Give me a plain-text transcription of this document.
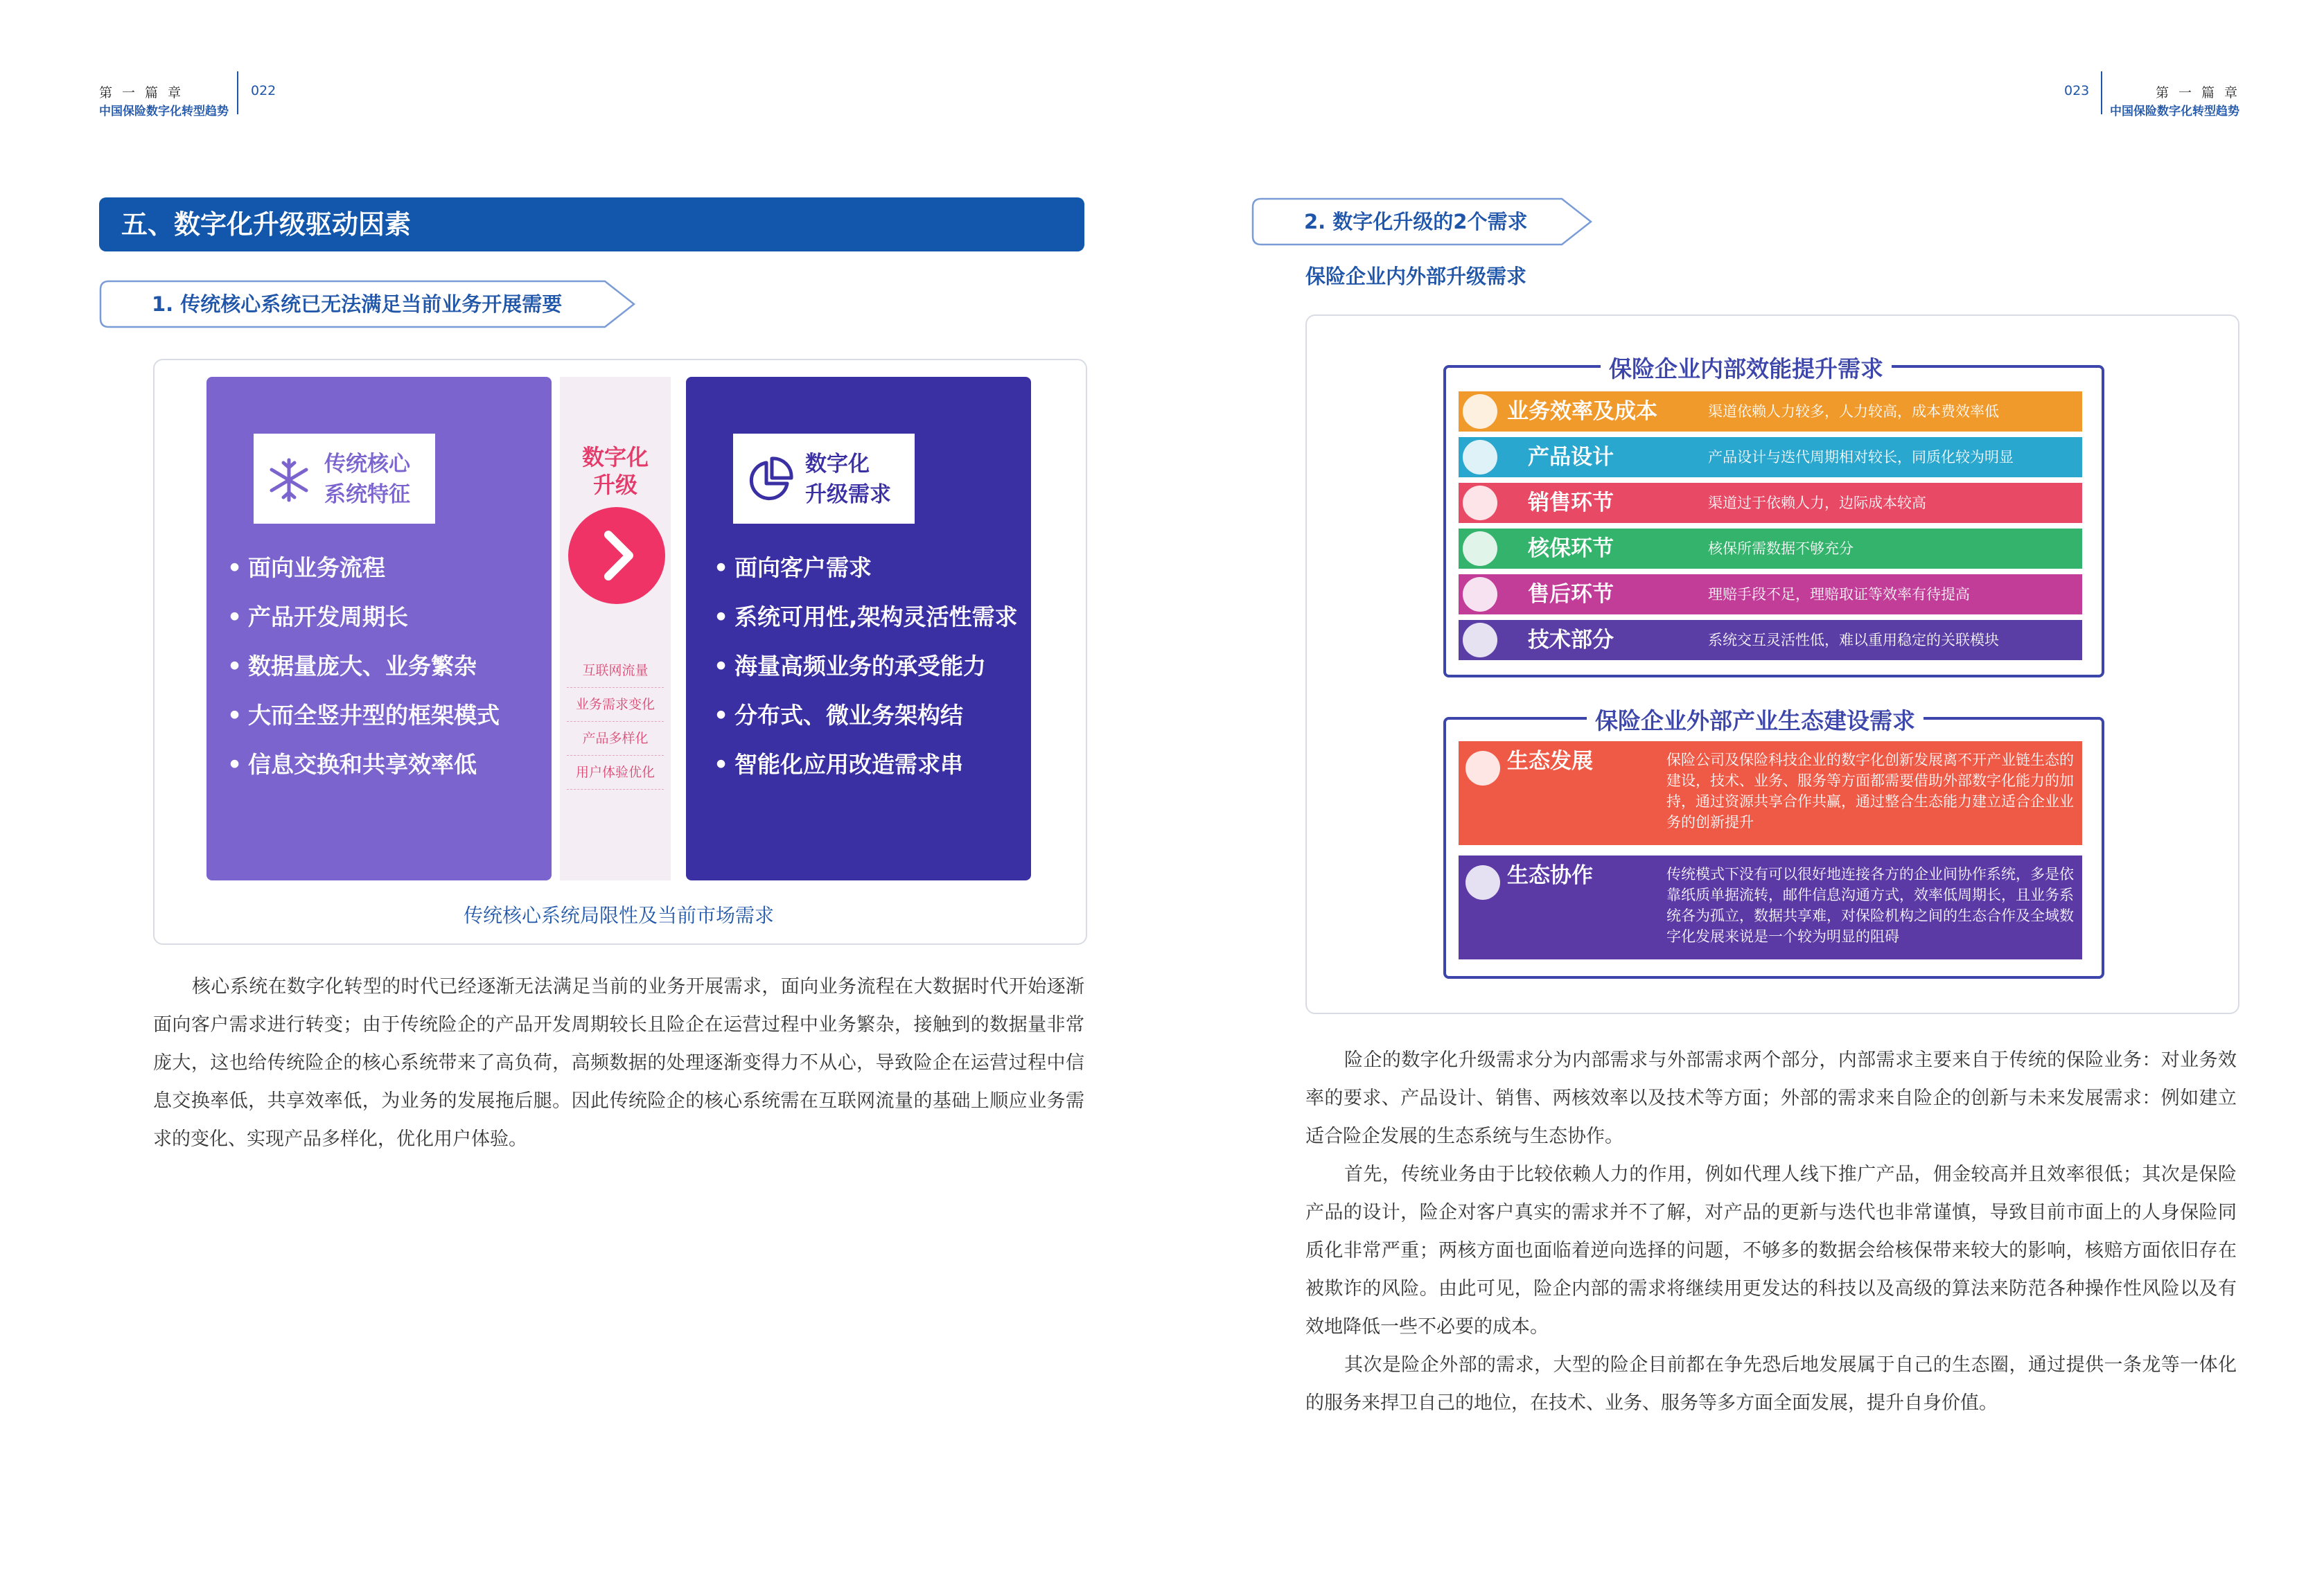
第一篇章
中国保险数字化转型趋势
022	023	第一篇章
中国保险数字化转型趋势
五、数字化升级驱动因素
1. 传统核心系统已无法满足当前业务开展需要
传统核心
系统特征
• 面向业务流程
• 产品开发周期长
• 数据量庞大、业务繁杂
• 大而全竖井型的框架模式
• 信息交换和共享效率低
数字化
升级
互联网流量
业务需求变化
产品多样化
用户体验优化
数字化
升级需求
• 面向客户需求
• 系统可用性,架构灵活性需求
• 海量高频业务的承受能力
• 分布式、微业务架构结
• 智能化应用改造需求串
传统核心系统局限性及当前市场需求

核心系统在数字化转型的时代已经逐渐无法满足当前的业务开展需求，面向业务流程在大数据时代开始逐渐面向客户需求进行转变；由于传统险企的产品开发周期较长且险企在运营过程中业务繁杂，接触到的数据量非常庞大，这也给传统险企的核心系统带来了高负荷，高频数据的处理逐渐变得力不从心，导致险企在运营过程中信息交换率低，共享效率低，为业务的发展拖后腿。因此传统险企的核心系统需在互联网流量的基础上顺应业务需求的变化、实现产品多样化，优化用户体验。

2. 数字化升级的2个需求
保险企业内外部升级需求
保险企业内部效能提升需求
业务效率及成本	渠道依赖人力较多，人力较高，成本费效率低
产品设计	产品设计与迭代周期相对较长，同质化较为明显
销售环节	渠道过于依赖人力，边际成本较高
核保环节	核保所需数据不够充分
售后环节	理赔手段不足，理赔取证等效率有待提高
技术部分	系统交互灵活性低，难以重用稳定的关联模块
保险企业外部产业生态建设需求
生态发展	保险公司及保险科技企业的数字化创新发展离不开产业链生态的建设，技术、业务、服务等方面都需要借助外部数字化能力的加持，通过资源共享合作共赢，通过整合生态能力建立适合企业业务的创新提升
生态协作	传统模式下没有可以很好地连接各方的企业间协作系统，多是依靠纸质单据流转，邮件信息沟通方式，效率低周期长，且业务系统各为孤立，数据共享难，对保险机构之间的生态合作及全域数字化发展来说是一个较为明显的阻碍

险企的数字化升级需求分为内部需求与外部需求两个部分，内部需求主要来自于传统的保险业务：对业务效率的要求、产品设计、销售、两核效率以及技术等方面；外部的需求来自险企的创新与未来发展需求：例如建立适合险企发展的生态系统与生态协作。

首先，传统业务由于比较依赖人力的作用，例如代理人线下推广产品，佣金较高并且效率很低；其次是保险产品的设计，险企对客户真实的需求并不了解，对产品的更新与迭代也非常谨慎，导致目前市面上的人身保险同质化非常严重；两核方面也面临着逆向选择的问题，不够多的数据会给核保带来较大的影响，核赔方面依旧存在被欺诈的风险。由此可见，险企内部的需求将继续用更发达的科技以及高级的算法来防范各种操作性风险以及有效地降低一些不必要的成本。

其次是险企外部的需求，大型的险企目前都在争先恐后地发展属于自己的生态圈，通过提供一条龙等一体化的服务来捍卫自己的地位，在技术、业务、服务等多方面全面发展，提升自身价值。
